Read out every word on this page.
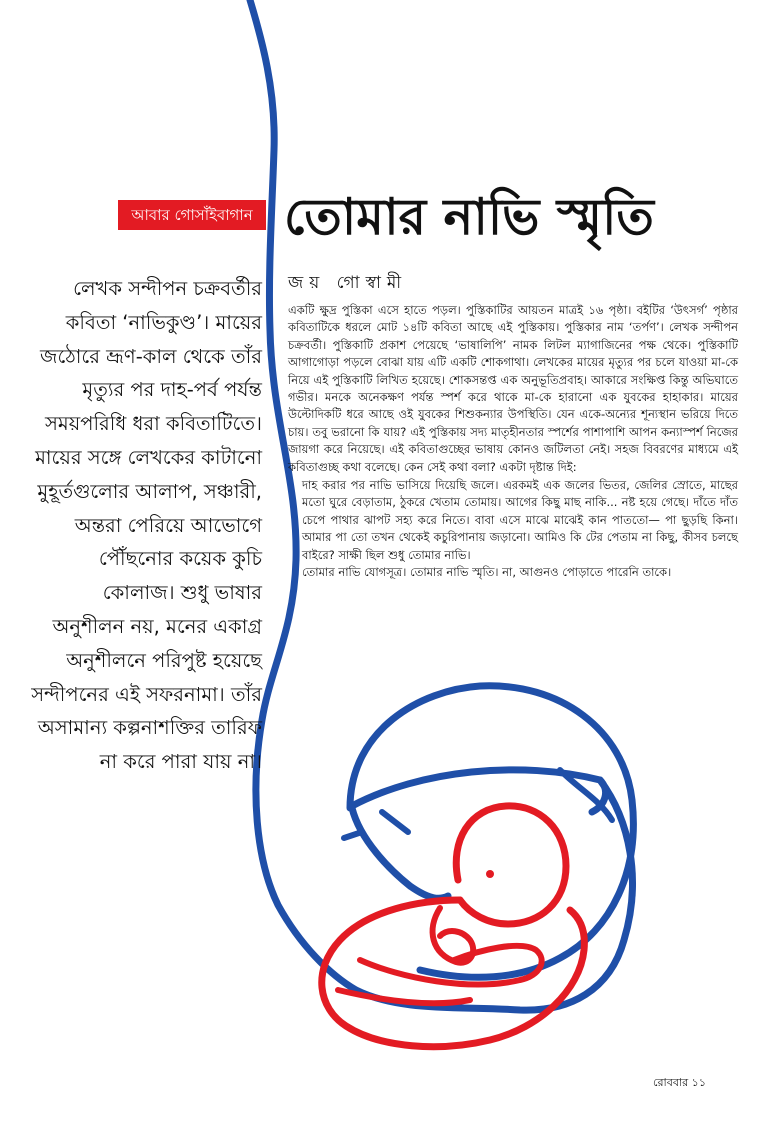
আবার গোসাঁইবাগান তোমার নাভি স্মৃতি
জয় গোস্বামী
লেখক সন্দীপন চক্রবর্তীর কবিতা ‘নাভিকুণ্ড’। মায়ের জঠোরে ভ্রূণ-কাল থেকে তাঁর মৃত্যুর পর দাহ-পর্ব পর্যন্ত সময়পরিধি ধরা কবিতাটিতে। মায়ের সঙ্গে লেখকের কাটানো মুহূর্তগুলোর আলাপ, সঞ্চারী, অন্তরা পেরিয়ে আভোগে পৌঁছনোর কয়েক কুচি কোলাজ। শুধু ভাষার অনুশীলন নয়, মনের একাগ্র অনুশীলনে পরিপুষ্ট হয়েছে সন্দীপনের এই সফরনামা। তাঁর অসামান্য কল্পনাশক্তির তারিফ না করে পারা যায় না।

একটি ক্ষুদ্র পুস্তিকা এসে হাতে পড়ল। পুস্তিকাটির আয়তন মাত্রই ১৬ পৃষ্ঠা। বইটির ‘উৎসর্গ’ পৃষ্ঠার কবিতাটিকে ধরলে মোট ১৪টি কবিতা আছে এই পুস্তিকায়। পুস্তিকার নাম ‘তর্পণ’। লেখক সন্দীপন চক্রবর্তী। পুস্তিকাটি প্রকাশ পেয়েছে ‘ভাষালিপি’ নামক লিটল ম্যাগাজিনের পক্ষ থেকে। পুস্তিকাটি আগাগোড়া পড়লে বোঝা যায় এটি একটি শোকগাথা। লেখকের মায়ের মৃত্যুর পর চলে যাওয়া মা-কে নিয়ে এই পুস্তিকাটি লিখিত হয়েছে। শোকসন্তপ্ত এক অনুভূতিপ্রবাহ। আকারে সংক্ষিপ্ত কিন্তু অভিঘাতে গভীর। মনকে অনেকক্ষণ পর্যন্ত স্পর্শ করে থাকে মা-কে হারানো এক যুবকের হাহাকার। মায়ের উল্টোদিকটি ধরে আছে ওই যুবকের শিশুকন্যার উপস্থিতি। যেন একে-অন্যের শূন্যস্থান ভরিয়ে দিতে চায়। তবু ভরানো কি যায়? এই পুস্তিকায় সদ্য মাতৃহীনতার স্পর্শের পাশাপাশি আপন কন্যাস্পর্শ নিজের জায়গা করে নিয়েছে। এই কবিতাগুচ্ছের ভাষায় কোনও জটিলতা নেই। সহজ বিবরণের মাধ্যমে এই কবিতাগুচ্ছ কথা বলেছে। কেন সেই কথা বলা? একটা দৃষ্টান্ত দিই:

দাহ করার পর নাভি ভাসিয়ে দিয়েছি জলে। এরকমই এক জলের ভিতর, জেলির স্রোতে, মাছের মতো ঘুরে বেড়াতাম, ঠুকরে খেতাম তোমায়। আগের কিছু মাছ নাকি... নষ্ট হয়ে গেছে। দাঁতে দাঁত চেপে পাথার ঝাপট সহ্য করে নিতে। বাবা এসে মাঝে মাঝেই কান পাততো— পা ছুড়ছি কিনা। আমার পা তো তখন থেকেই কচুরিপানায় জড়ানো। আমিও কি টের পেতাম না কিছু, কীসব চলছে বাইরে? সাক্ষী ছিল শুধু তোমার নাভি।

তোমার নাভি যোগসূত্র। তোমার নাভি স্মৃতি। না, আগুনও পোড়াতে পারেনি তাকে।

রোববার ১১
